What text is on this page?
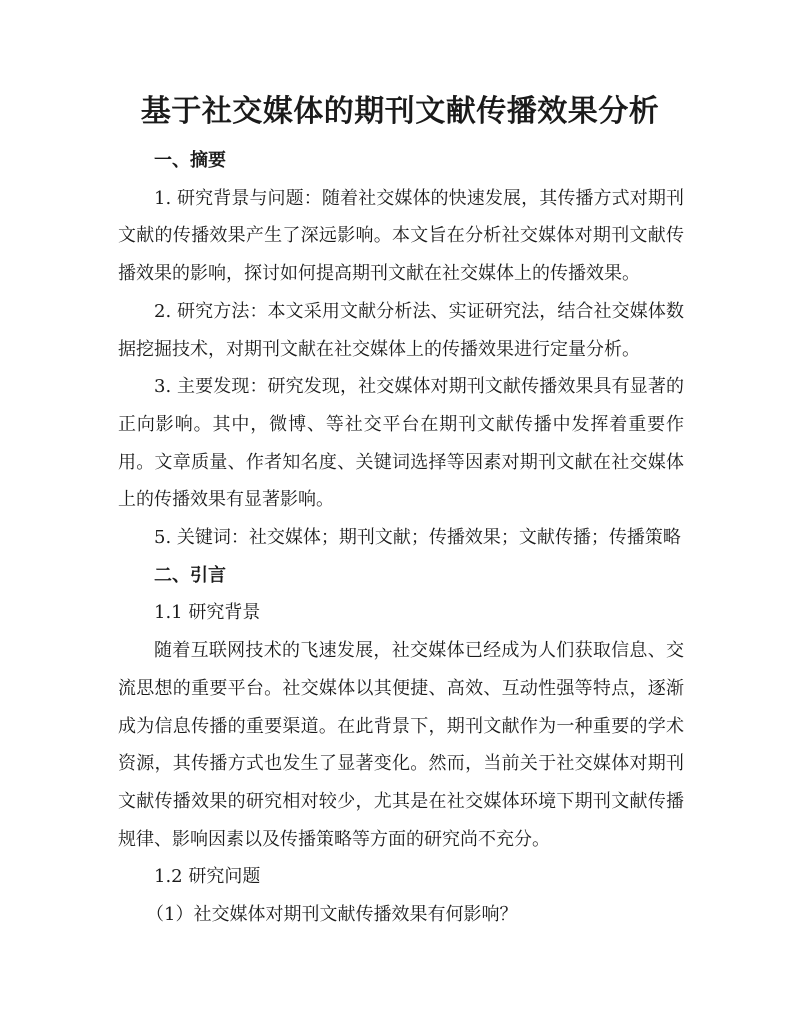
基于社交媒体的期刊文献传播效果分析

一、摘要

1. 研究背景与问题：随着社交媒体的快速发展，其传播方式对期刊文献的传播效果产生了深远影响。本文旨在分析社交媒体对期刊文献传播效果的影响，探讨如何提高期刊文献在社交媒体上的传播效果。

2. 研究方法：本文采用文献分析法、实证研究法，结合社交媒体数据挖掘技术，对期刊文献在社交媒体上的传播效果进行定量分析。

3. 主要发现：研究发现，社交媒体对期刊文献传播效果具有显著的正向影响。其中，微博、等社交平台在期刊文献传播中发挥着重要作用。文章质量、作者知名度、关键词选择等因素对期刊文献在社交媒体上的传播效果有显著影响。

5. 关键词：社交媒体；期刊文献；传播效果；文献传播；传播策略

二、引言

1.1 研究背景

随着互联网技术的飞速发展，社交媒体已经成为人们获取信息、交流思想的重要平台。社交媒体以其便捷、高效、互动性强等特点，逐渐成为信息传播的重要渠道。在此背景下，期刊文献作为一种重要的学术资源，其传播方式也发生了显著变化。然而，当前关于社交媒体对期刊文献传播效果的研究相对较少，尤其是在社交媒体环境下期刊文献传播规律、影响因素以及传播策略等方面的研究尚不充分。

1.2 研究问题

（1）社交媒体对期刊文献传播效果有何影响？
